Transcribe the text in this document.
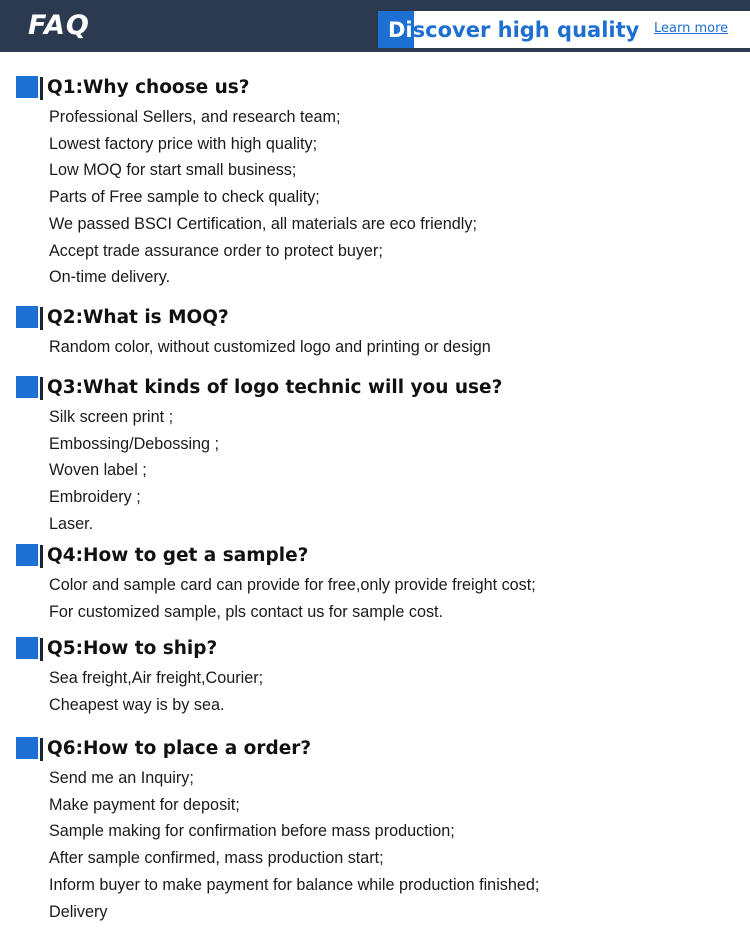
FAQ	Discover high quality Learn more
Q1:Why choose us?
Professional Sellers, and research team;
Lowest factory price with high quality;
Low MOQ for start small business;
Parts of Free sample to check quality;
We passed BSCI Certification, all materials are eco friendly;
Accept trade assurance order to protect buyer;
On-time delivery.
Q2:What is MOQ?
Random color, without customized logo and printing or design
Q3:What kinds of logo technic will you use?
Silk screen print ;
Embossing/Debossing ;
Woven label ;
Embroidery ;
Laser.
Q4:How to get a sample?
Color and sample card can provide for free,only provide freight cost;
For customized sample, pls contact us for sample cost.
Q5:How to ship?
Sea freight,Air freight,Courier;
Cheapest way is by sea.
Q6:How to place a order?
Send me an Inquiry;
Make payment for deposit;
Sample making for confirmation before mass production;
After sample confirmed, mass production start;
Inform buyer to make payment for balance while production finished;
Delivery
